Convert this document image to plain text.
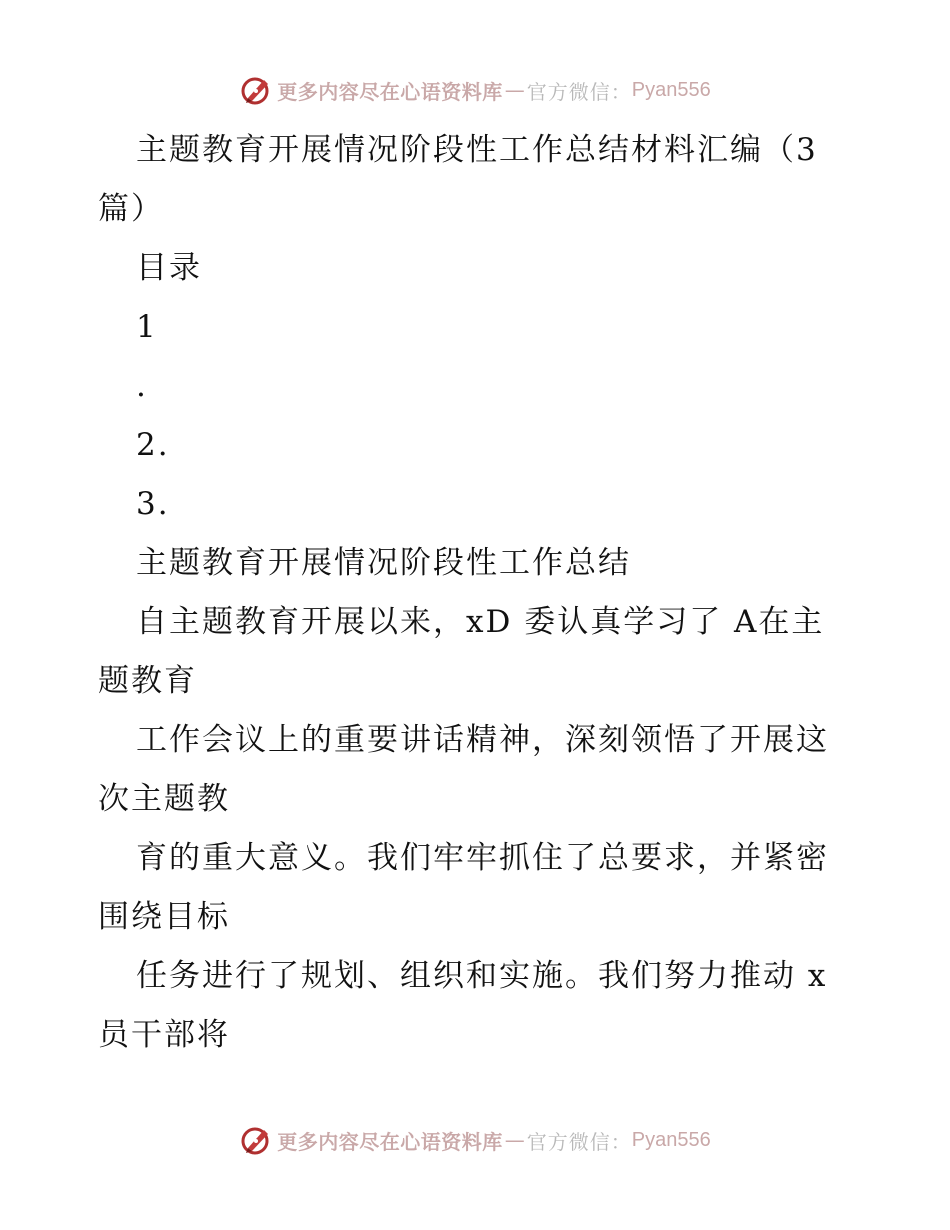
更多内容尽在心语资料库 — 官方微信： Pyan556
主题教育开展情况阶段性工作总结材料汇编（3
篇）
目录
1
.
2.
3.
主题教育开展情况阶段性工作总结
自主题教育开展以来，xD 委认真学习了 A在主
题教育
工作会议上的重要讲话精神，深刻领悟了开展这
次主题教
育的重大意义。我们牢牢抓住了总要求，并紧密
围绕目标
任务进行了规划、组织和实施。我们努力推动 x
员干部将
更多内容尽在心语资料库 — 官方微信： Pyan556
